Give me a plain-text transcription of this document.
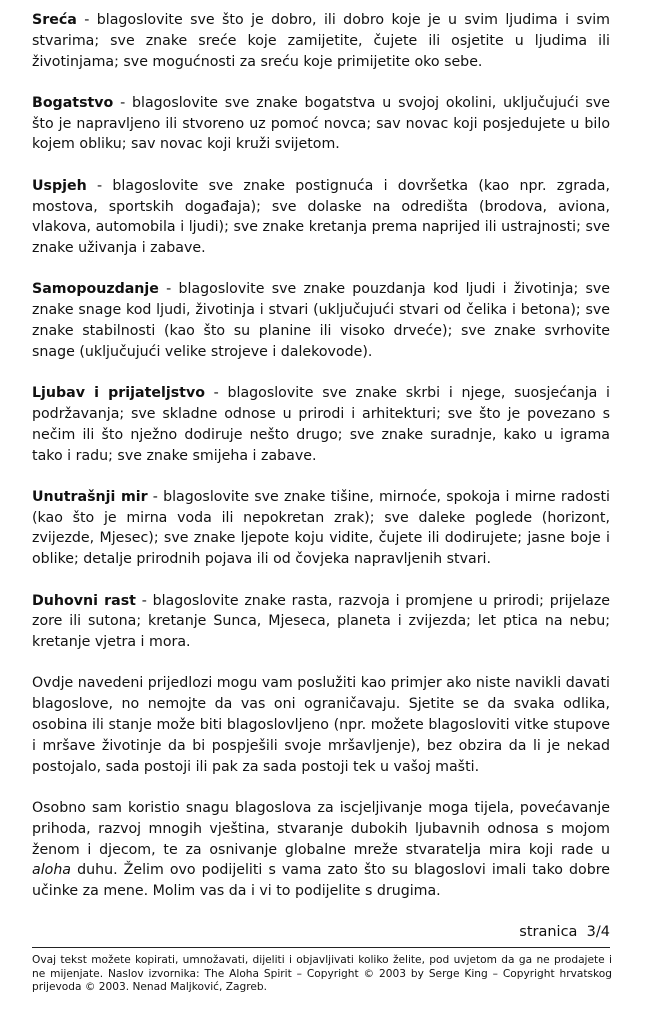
Sreća - blagoslovite sve što je dobro, ili dobro koje je u svim ljudima i svim stvarima; sve znake sreće koje zamijetite, čujete ili osjetite u ljudima ili životinjama; sve mogućnosti za sreću koje primijetite oko sebe.

Bogatstvo - blagoslovite sve znake bogatstva u svojoj okolini, uključujući sve što je napravljeno ili stvoreno uz pomoć novca; sav novac koji posjedujete u bilo kojem obliku; sav novac koji kruži svijetom.

Uspjeh - blagoslovite sve znake postignuća i dovršetka (kao npr. zgrada, mostova, sportskih događaja); sve dolaske na odredišta (brodova, aviona, vlakova, automobila i ljudi); sve znake kretanja prema naprijed ili ustrajnosti; sve znake uživanja i zabave.

Samopouzdanje - blagoslovite sve znake pouzdanja kod ljudi i životinja; sve znake snage kod ljudi, životinja i stvari (uključujući stvari od čelika i betona); sve znake stabilnosti (kao što su planine ili visoko drveće); sve znake svrhovite snage (uključujući velike strojeve i dalekovode).

Ljubav i prijateljstvo - blagoslovite sve znake skrbi i njege, suosjećanja i podržavanja; sve skladne odnose u prirodi i arhitekturi; sve što je povezano s nečim ili što nježno dodiruje nešto drugo; sve znake suradnje, kako u igrama tako i radu; sve znake smijeha i zabave.

Unutrašnji mir - blagoslovite sve znake tišine, mirnoće, spokoja i mirne radosti (kao što je mirna voda ili nepokretan zrak); sve daleke poglede (horizont, zvijezde, Mjesec); sve znake ljepote koju vidite, čujete ili dodirujete; jasne boje i oblike; detalje prirodnih pojava ili od čovjeka napravljenih stvari.

Duhovni rast - blagoslovite znake rasta, razvoja i promjene u prirodi; prijelaze zore ili sutona; kretanje Sunca, Mjeseca, planeta i zvijezda; let ptica na nebu; kretanje vjetra i mora.

Ovdje navedeni prijedlozi mogu vam poslužiti kao primjer ako niste navikli davati blagoslove, no nemojte da vas oni ograničavaju. Sjetite se da svaka odlika, osobina ili stanje može biti blagoslovljeno (npr. možete blagosloviti vitke stupove i mršave životinje da bi pospješili svoje mršavljenje), bez obzira da li je nekad postojalo, sada postoji ili pak za sada postoji tek u vašoj mašti.

Osobno sam koristio snagu blagoslova za iscjeljivanje moga tijela, povećavanje prihoda, razvoj mnogih vještina, stvaranje dubokih ljubavnih odnosa s mojom ženom i djecom, te za osnivanje globalne mreže stvaratelja mira koji rade u aloha duhu. Želim ovo podijeliti s vama zato što su blagoslovi imali tako dobre učinke za mene. Molim vas da i vi to podijelite s drugima.

stranica  3/4
Ovaj tekst možete kopirati, umnožavati, dijeliti i objavljivati koliko želite, pod uvjetom da ga ne prodajete i ne mijenjate. Naslov izvornika: The Aloha Spirit – Copyright © 2003 by Serge King – Copyright hrvatskog prijevoda © 2003. Nenad Maljković, Zagreb.
